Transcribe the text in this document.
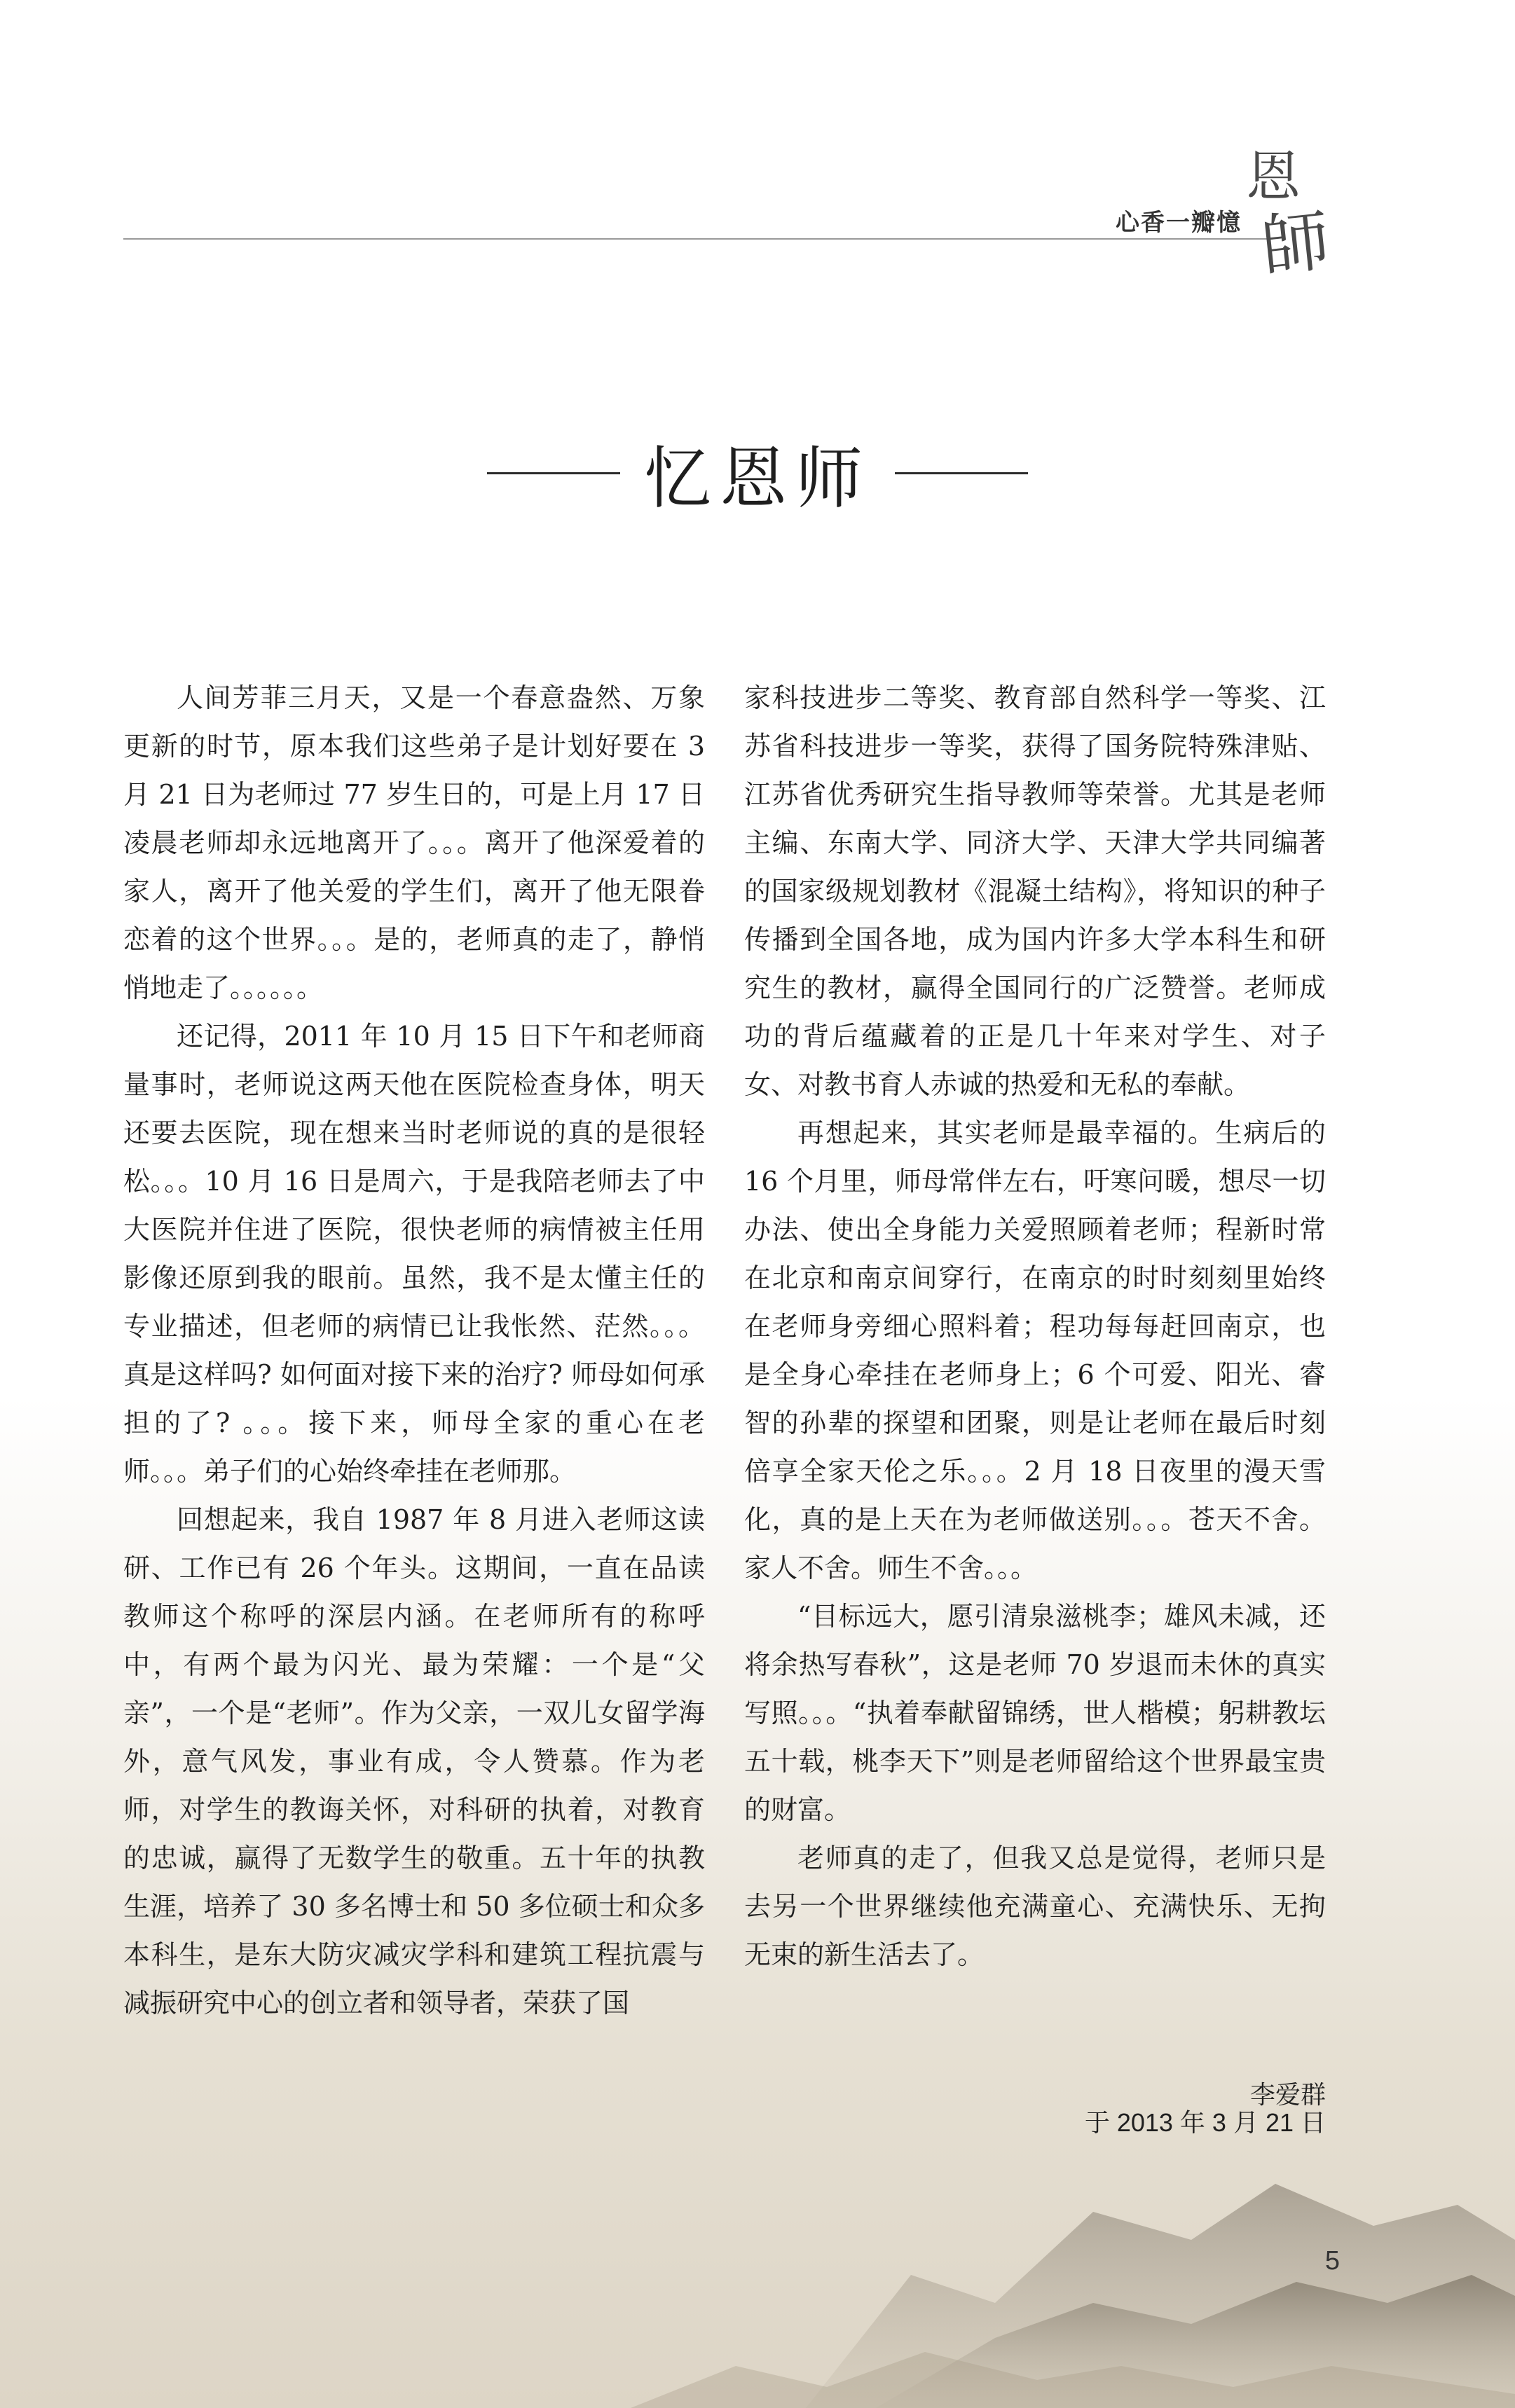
心香一瓣憶
恩
師
忆恩师

人间芳菲三月天，又是一个春意盎然、万象更新的时节，原本我们这些弟子是计划好要在 3 月 21 日为老师过 77 岁生日的，可是上月 17 日凌晨老师却永远地离开了。。。离开了他深爱着的家人，离开了他关爱的学生们，离开了他无限眷恋着的这个世界。。。是的，老师真的走了，静悄悄地走了。。。。。。

还记得，2011 年 10 月 15 日下午和老师商量事时，老师说这两天他在医院检查身体，明天还要去医院，现在想来当时老师说的真的是很轻松。。。10 月 16 日是周六，于是我陪老师去了中大医院并住进了医院，很快老师的病情被主任用影像还原到我的眼前。虽然，我不是太懂主任的专业描述，但老师的病情已让我怅然、茫然。。。真是这样吗? 如何面对接下来的治疗? 师母如何承担的了? 。。。接下来，师母全家的重心在老师。。。弟子们的心始终牵挂在老师那。

回想起来，我自 1987 年 8 月进入老师这读研、工作已有 26 个年头。这期间，一直在品读教师这个称呼的深层内涵。在老师所有的称呼中，有两个最为闪光、最为荣耀：一个是“父亲”，一个是“老师”。作为父亲，一双儿女留学海外，意气风发，事业有成，令人赞慕。作为老师，对学生的教诲关怀，对科研的执着，对教育的忠诚，赢得了无数学生的敬重。五十年的执教生涯，培养了 30 多名博士和 50 多位硕士和众多本科生，是东大防灾减灾学科和建筑工程抗震与减振研究中心的创立者和领导者，荣获了国

家科技进步二等奖、教育部自然科学一等奖、江苏省科技进步一等奖，获得了国务院特殊津贴、江苏省优秀研究生指导教师等荣誉。尤其是老师主编、东南大学、同济大学、天津大学共同编著的国家级规划教材《混凝土结构》，将知识的种子传播到全国各地，成为国内许多大学本科生和研究生的教材，赢得全国同行的广泛赞誉。老师成功的背后蕴藏着的正是几十年来对学生、对子女、对教书育人赤诚的热爱和无私的奉献。

再想起来，其实老师是最幸福的。生病后的 16 个月里，师母常伴左右，吁寒问暖，想尽一切办法、使出全身能力关爱照顾着老师；程新时常在北京和南京间穿行，在南京的时时刻刻里始终在老师身旁细心照料着；程功每每赶回南京，也是全身心牵挂在老师身上；6 个可爱、阳光、睿智的孙辈的探望和团聚，则是让老师在最后时刻倍享全家天伦之乐。。。2 月 18 日夜里的漫天雪化，真的是上天在为老师做送别。。。苍天不舍。家人不舍。师生不舍。。。

“目标远大，愿引清泉滋桃李；雄风未减，还将余热写春秋”，这是老师 70 岁退而未休的真实写照。。。“执着奉献留锦绣，世人楷模；躬耕教坛五十载，桃李天下”则是老师留给这个世界最宝贵的财富。

老师真的走了，但我又总是觉得，老师只是去另一个世界继续他充满童心、充满快乐、无拘无束的新生活去了。

李爱群
于 2013 年 3 月 21 日
5
